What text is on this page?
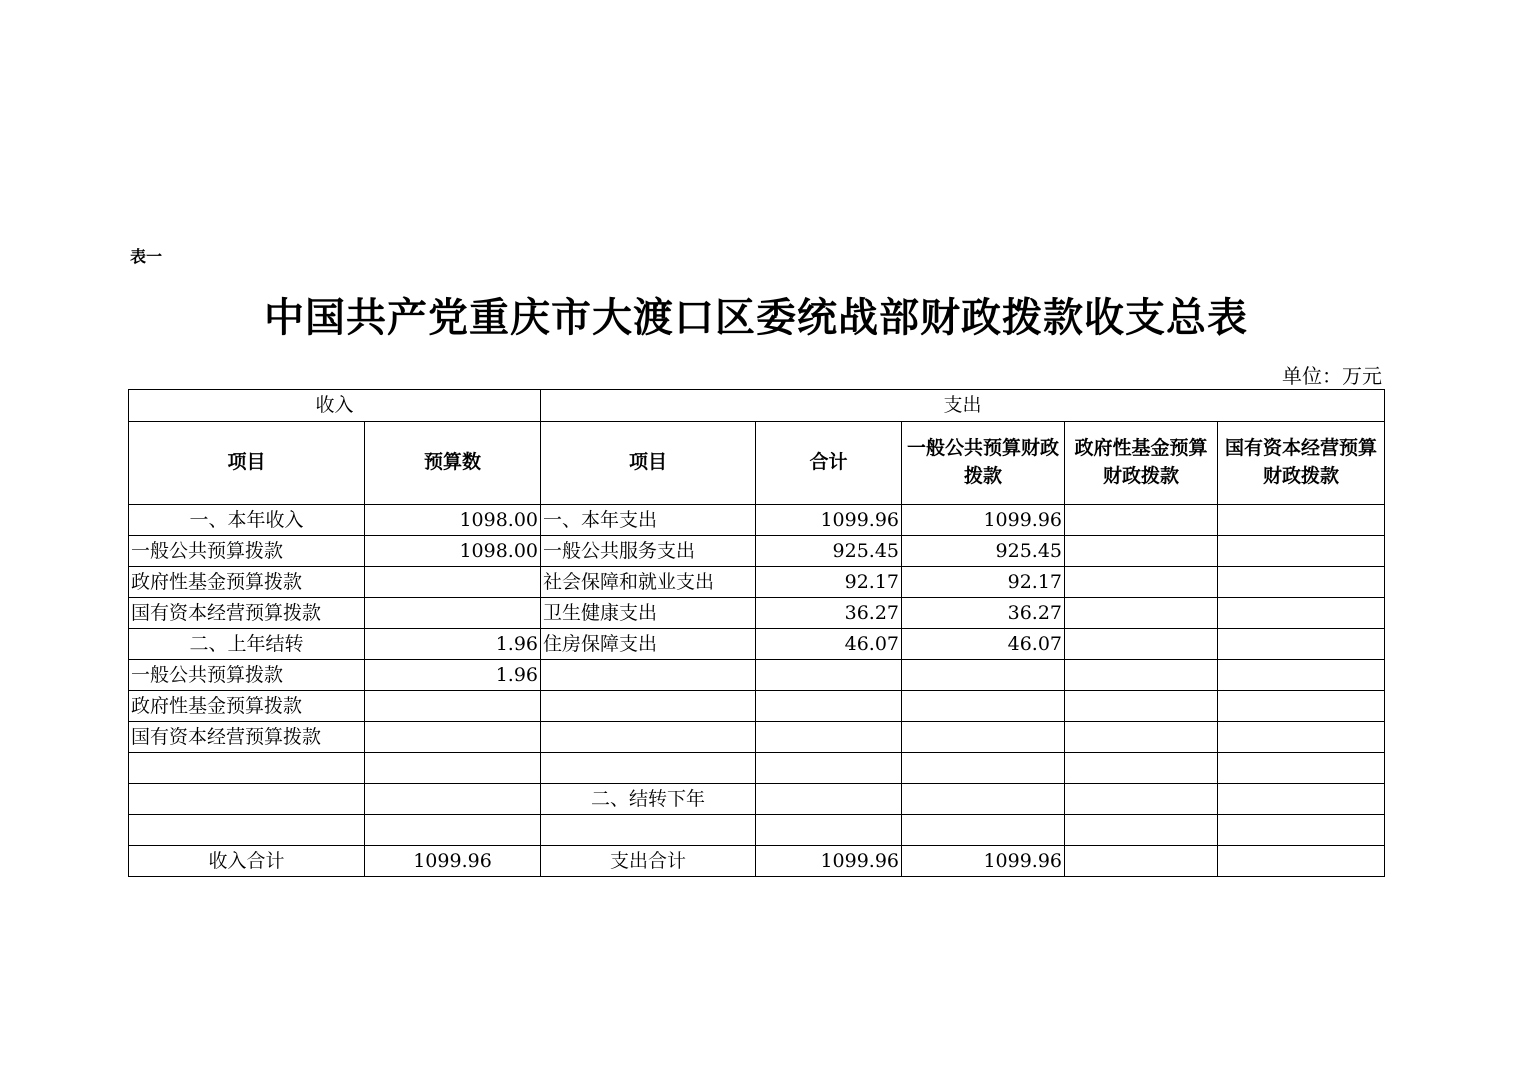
表一
中国共产党重庆市大渡口区委统战部财政拨款收支总表
单位：万元
收入		支出				
项目	预算数	项目	合计	一般公共预算财政拨款	政府性基金预算财政拨款	国有资本经营预算财政拨款
一、本年收入	1098.00	一、本年支出	1099.96	1099.96		
一般公共预算拨款	1098.00	一般公共服务支出	925.45	925.45		
政府性基金预算拨款		社会保障和就业支出	92.17	92.17		
国有资本经营预算拨款		卫生健康支出	36.27	36.27		
二、上年结转	1.96	住房保障支出	46.07	46.07		
一般公共预算拨款	1.96					
政府性基金预算拨款						
国有资本经营预算拨款						

		二、结转下年				

收入合计	1099.96	支出合计	1099.96	1099.96		
